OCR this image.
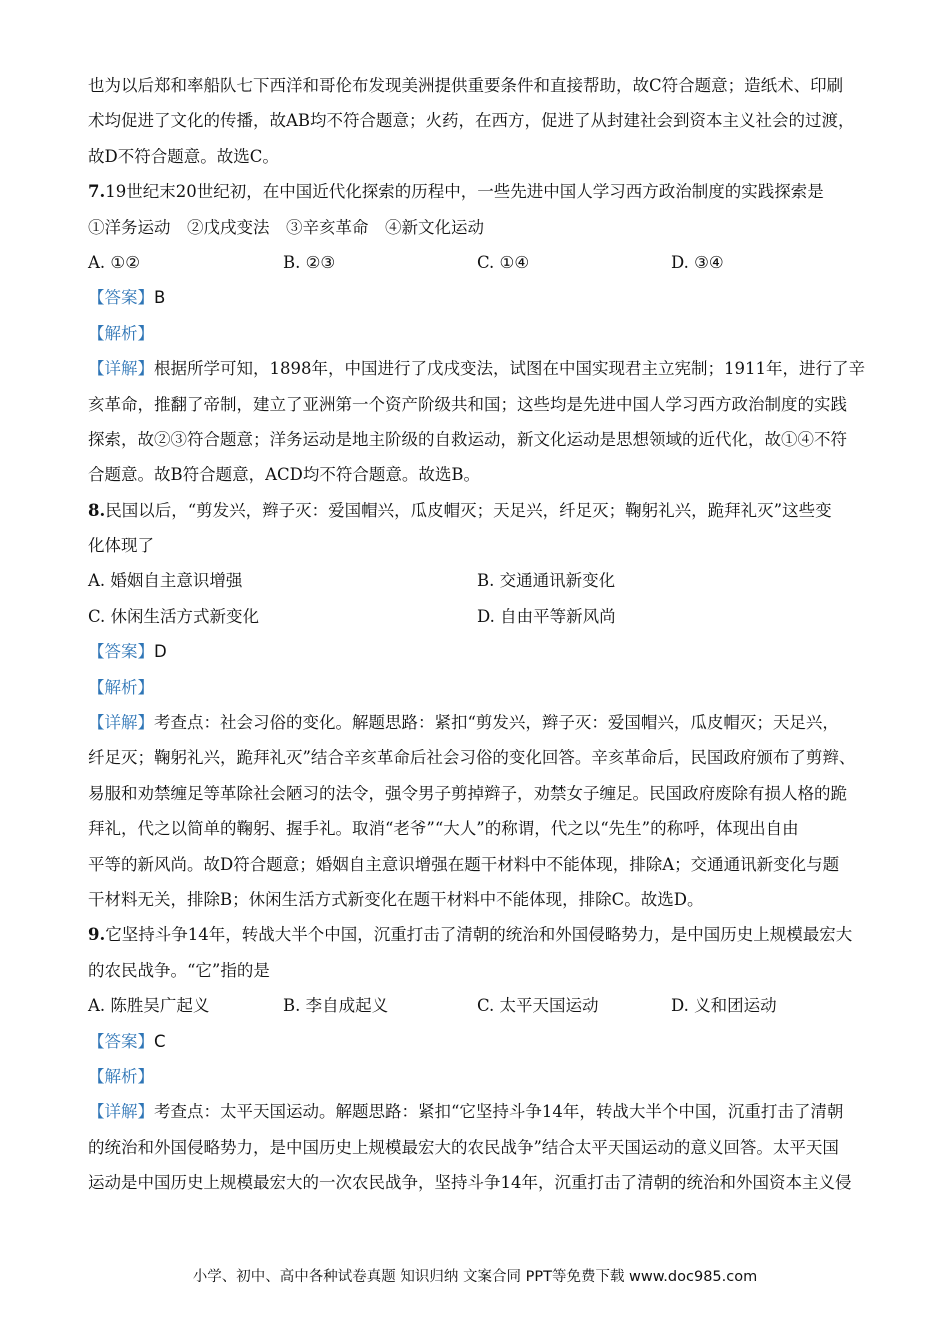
也为以后郑和率船队七下西洋和哥伦布发现美洲提供重要条件和直接帮助，故C符合题意；造纸术、印刷
术均促进了文化的传播，故AB均不符合题意；火药，在西方，促进了从封建社会到资本主义社会的过渡，
故D不符合题意。故选C。
7.19世纪末20世纪初，在中国近代化探索的历程中，一些先进中国人学习西方政治制度的实践探索是
①洋务运动　②戊戌变法　③辛亥革命　④新文化运动
A. ①②	B. ②③	C. ①④	D. ③④
【答案】B
【解析】
【详解】根据所学可知，1898年，中国进行了戊戌变法，试图在中国实现君主立宪制；1911年，进行了辛
亥革命，推翻了帝制，建立了亚洲第一个资产阶级共和国；这些均是先进中国人学习西方政治制度的实践
探索，故②③符合题意；洋务运动是地主阶级的自救运动，新文化运动是思想领域的近代化，故①④不符
合题意。故B符合题意，ACD均不符合题意。故选B。
8.民国以后，“剪发兴，辫子灭：爱国帽兴，瓜皮帽灭；天足兴，纤足灭；鞠躬礼兴，跪拜礼灭”这些变
化体现了
A. 婚姻自主意识增强	B. 交通通讯新变化
C. 休闲生活方式新变化	D. 自由平等新风尚
【答案】D
【解析】
【详解】考查点：社会习俗的变化。解题思路：紧扣“剪发兴，辫子灭：爱国帽兴，瓜皮帽灭；天足兴，
纤足灭；鞠躬礼兴，跪拜礼灭”结合辛亥革命后社会习俗的变化回答。辛亥革命后，民国政府颁布了剪辫、
易服和劝禁缠足等革除社会陋习的法令，强令男子剪掉辫子，劝禁女子缠足。民国政府废除有损人格的跪
拜礼，代之以简单的鞠躬、握手礼。取消“老爷”“大人”的称谓，代之以“先生”的称呼，体现出自由
平等的新风尚。故D符合题意；婚姻自主意识增强在题干材料中不能体现，排除A；交通通讯新变化与题
干材料无关，排除B；休闲生活方式新变化在题干材料中不能体现，排除C。故选D。
9.它坚持斗争14年，转战大半个中国，沉重打击了清朝的统治和外国侵略势力，是中国历史上规模最宏大
的农民战争。“它”指的是
A. 陈胜吴广起义	B. 李自成起义	C. 太平天国运动	D. 义和团运动
【答案】C
【解析】
【详解】考查点：太平天国运动。解题思路：紧扣“它坚持斗争14年，转战大半个中国，沉重打击了清朝
的统治和外国侵略势力，是中国历史上规模最宏大的农民战争”结合太平天国运动的意义回答。太平天国
运动是中国历史上规模最宏大的一次农民战争，坚持斗争14年，沉重打击了清朝的统治和外国资本主义侵
小学、初中、高中各种试卷真题 知识归纳 文案合同 PPT等免费下载 www.doc985.com
